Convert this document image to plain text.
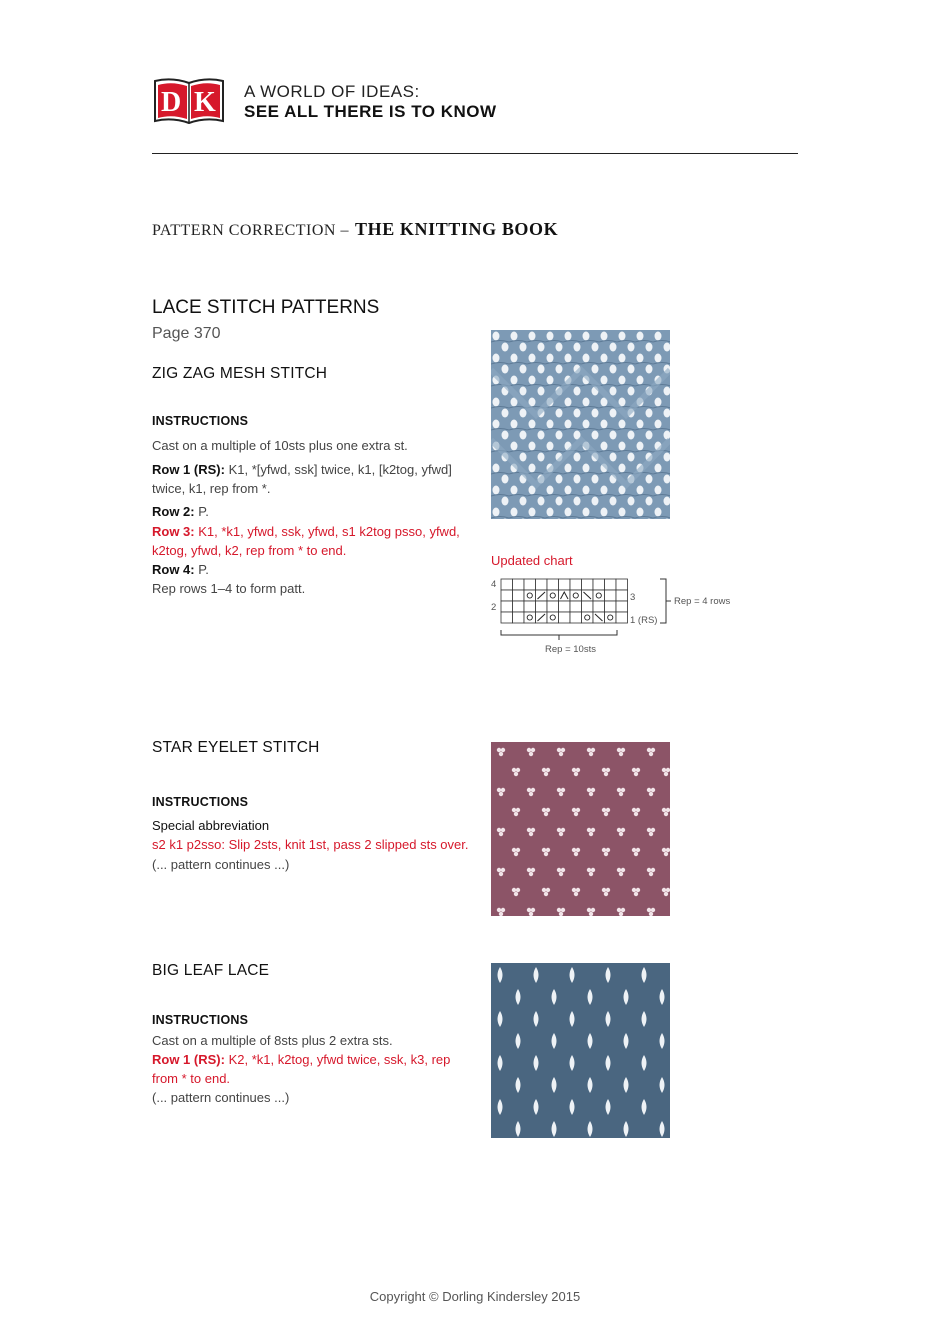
D K A WORLD OF IDEAS:
SEE ALL THERE IS TO KNOW
PATTERN CORRECTION – THE KNITTING BOOK
LACE STITCH PATTERNS
Page 370
ZIG ZAG MESH STITCH
INSTRUCTIONS

Cast on a multiple of 10sts plus one extra st.

Row 1 (RS): K1, *[yfwd, ssk] twice, k1, [k2tog, yfwd] twice, k1, rep from *.

Row 2: P.

Row 3: K1, *k1, yfwd, ssk, yfwd, s1 k2tog psso, yfwd, k2tog, yfwd, k2, rep from * to end.

Row 4: P.

Rep rows 1–4 to form patt.

Updated chart
4
2
3
1 (RS)
Rep = 4 rows
Rep = 10sts
STAR EYELET STITCH
INSTRUCTIONS

Special abbreviation

s2 k1 p2sso: Slip 2sts, knit 1st, pass 2 slipped sts over.

(... pattern continues ...)

BIG LEAF LACE
INSTRUCTIONS

Cast on a multiple of 8sts plus 2 extra sts.

Row 1 (RS): K2, *k1, k2tog, yfwd twice, ssk, k3, rep from * to end.

(... pattern continues ...)

Copyright © Dorling Kindersley 2015
